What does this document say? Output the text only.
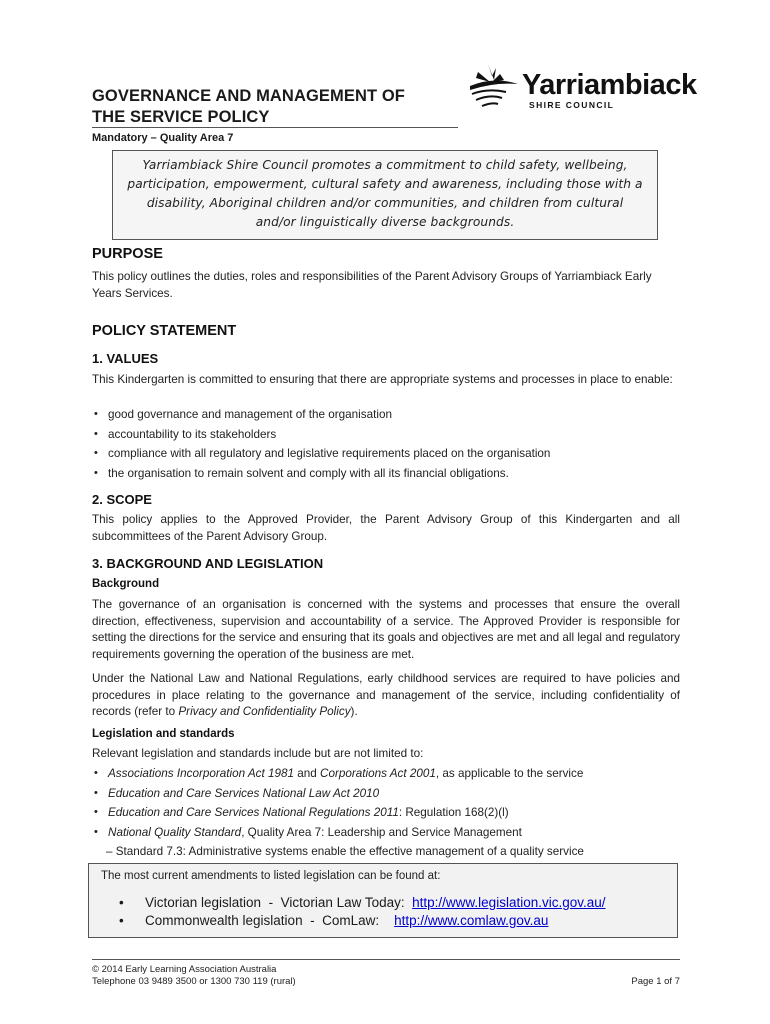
GOVERNANCE AND MANAGEMENT OF
THE SERVICE POLICY
Mandatory – Quality Area 7
Yarriambiack
SHIRE COUNCIL

Yarriambiack Shire Council promotes a commitment to child safety, wellbeing, participation, empowerment, cultural safety and awareness, including those with a disability, Aboriginal children and/or communities, and children from cultural and/or linguistically diverse backgrounds.

PURPOSE
This policy outlines the duties, roles and responsibilities of the Parent Advisory Groups of Yarriambiack Early Years Services.
POLICY STATEMENT
1. VALUES
This Kindergarten is committed to ensuring that there are appropriate systems and processes in place to enable:
• good governance and management of the organisation
• accountability to its stakeholders
• compliance with all regulatory and legislative requirements placed on the organisation
• the organisation to remain solvent and comply with all its financial obligations.
2. SCOPE
This policy applies to the Approved Provider, the Parent Advisory Group of this Kindergarten and all subcommittees of the Parent Advisory Group.
3. BACKGROUND AND LEGISLATION
Background
The governance of an organisation is concerned with the systems and processes that ensure the overall direction, effectiveness, supervision and accountability of a service. The Approved Provider is responsible for setting the directions for the service and ensuring that its goals and objectives are met and all legal and regulatory requirements governing the operation of the business are met.
Under the National Law and National Regulations, early childhood services are required to have policies and procedures in place relating to the governance and management of the service, including confidentiality of records (refer to Privacy and Confidentiality Policy).
Legislation and standards
Relevant legislation and standards include but are not limited to:
• Associations Incorporation Act 1981 and Corporations Act 2001, as applicable to the service
• Education and Care Services National Law Act 2010
• Education and Care Services National Regulations 2011: Regulation 168(2)(l)
• National Quality Standard, Quality Area 7: Leadership and Service Management
– Standard 7.3: Administrative systems enable the effective management of a quality service
The most current amendments to listed legislation can be found at:
• Victorian legislation  -  Victorian Law Today:  http://www.legislation.vic.gov.au/
• Commonwealth legislation  -  ComLaw:    http://www.comlaw.gov.au
© 2014 Early Learning Association Australia
Telephone 03 9489 3500 or 1300 730 119 (rural)	Page 1 of 7
